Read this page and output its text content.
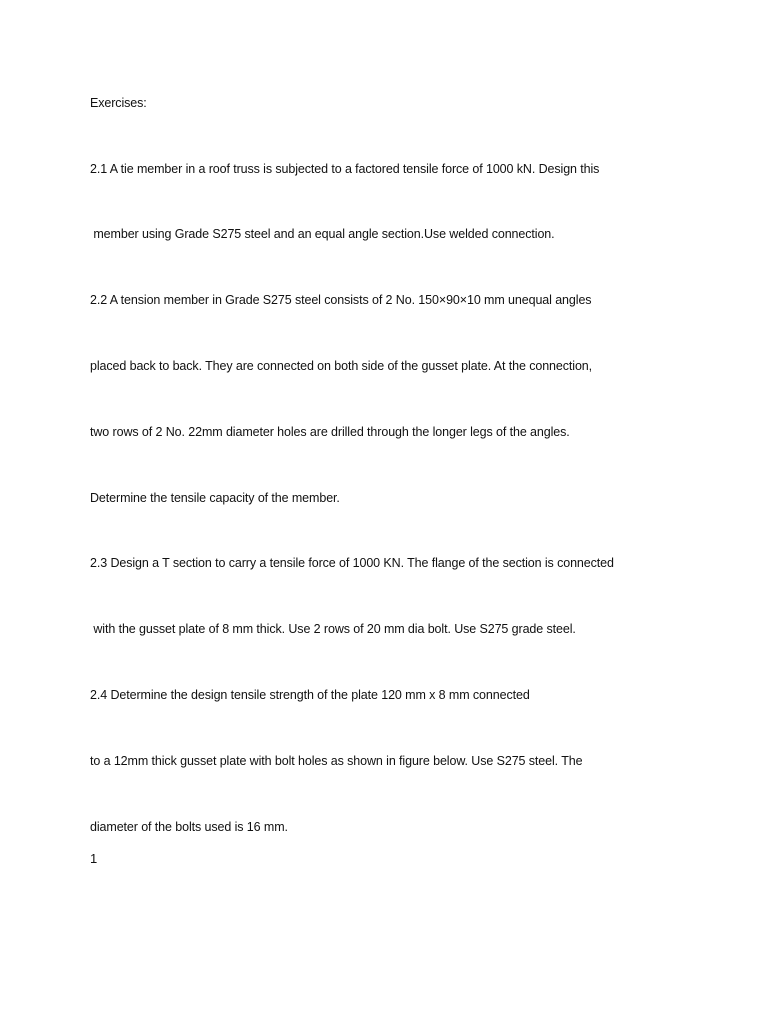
Exercises:
2.1 A tie member in a roof truss is subjected to a factored tensile force of 1000 kN. Design this
member using Grade S275 steel and an equal angle section.Use welded connection.
2.2 A tension member in Grade S275 steel consists of 2 No. 150×90×10 mm unequal angles
placed back to back. They are connected on both side of the gusset plate. At the connection,
two rows of 2 No. 22mm diameter holes are drilled through the longer legs of the angles.
Determine the tensile capacity of the member.
2.3 Design a T section to carry a tensile force of 1000 KN. The flange of the section is connected
with the gusset plate of 8 mm thick. Use 2 rows of 20 mm dia bolt. Use S275 grade steel.
2.4 Determine the design tensile strength of the plate 120 mm x 8 mm connected
to a 12mm thick gusset plate with bolt holes as shown in figure below. Use S275 steel. The
diameter of the bolts used is 16 mm.
1
